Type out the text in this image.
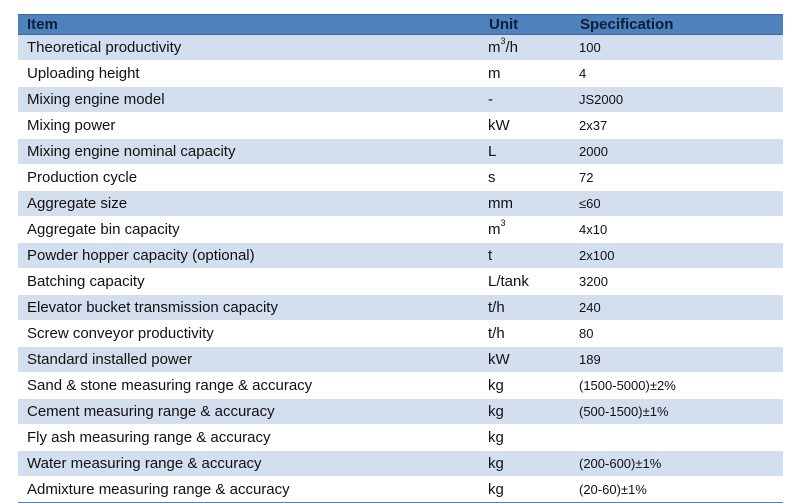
Item	Unit	Specification
Theoretical productivity	$m^3/h$	100
Uploading height	m	4
Mixing engine model	-	JS2000
Mixing power	kW	2x37
Mixing engine nominal capacity	L	2000
Production cycle	s	72
Aggregate size	mm	≤60
Aggregate bin capacity	$m^3$	4x10
Powder hopper capacity (optional)	t	2x100
Batching capacity	L/tank	3200
Elevator bucket transmission capacity	t/h	240
Screw conveyor productivity	t/h	80
Standard installed power	kW	189
Sand & stone measuring range & accuracy	kg	(1500-5000)±2%
Cement measuring range & accuracy	kg	(500-1500)±1%
Fly ash measuring range & accuracy	kg	
Water measuring range & accuracy	kg	(200-600)±1%
Admixture measuring range & accuracy	kg	(20-60)±1%
